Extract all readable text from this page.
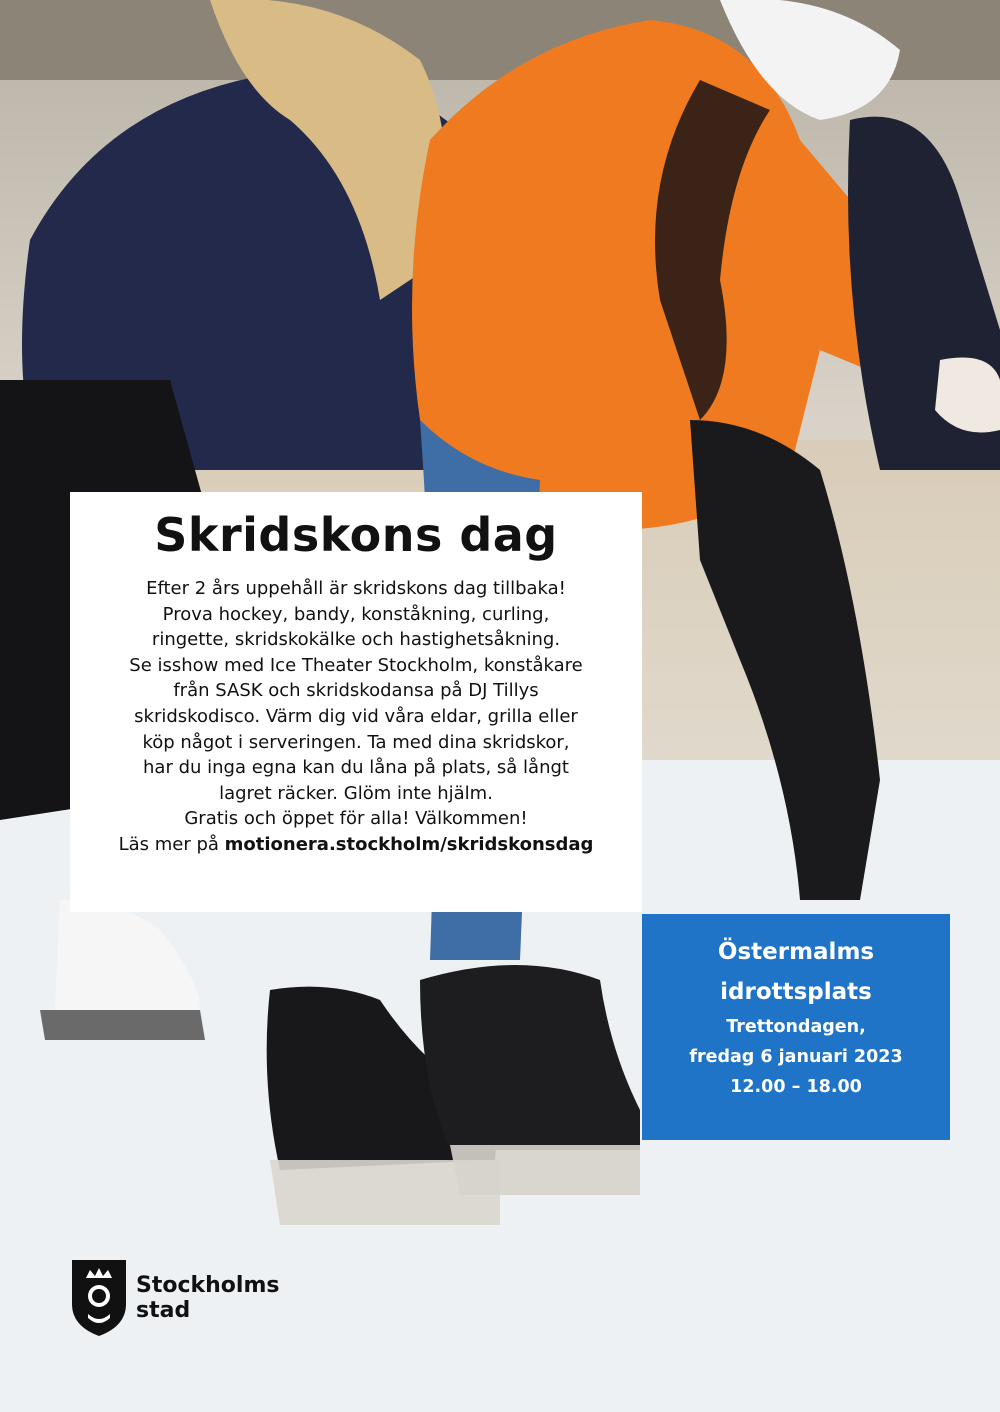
Skridskons dag
Efter 2 års uppehåll är skridskons dag tillbaka!
Prova hockey, bandy, konståkning, curling,
ringette, skridskokälke och hastighetsåkning.
Se isshow med Ice Theater Stockholm, konståkare
från SASK och skridskodansa på DJ Tillys
skridskodisco. Värm dig vid våra eldar, grilla eller
köp något i serveringen. Ta med dina skridskor,
har du inga egna kan du låna på plats, så långt
lagret räcker. Glöm inte hjälm.
Gratis och öppet för alla! Välkommen!
Läs mer på motionera.stockholm/skridskonsdag
Östermalms
idrottsplats
Trettondagen,
fredag 6 januari 2023
12.00 – 18.00
Stockholms
stad
